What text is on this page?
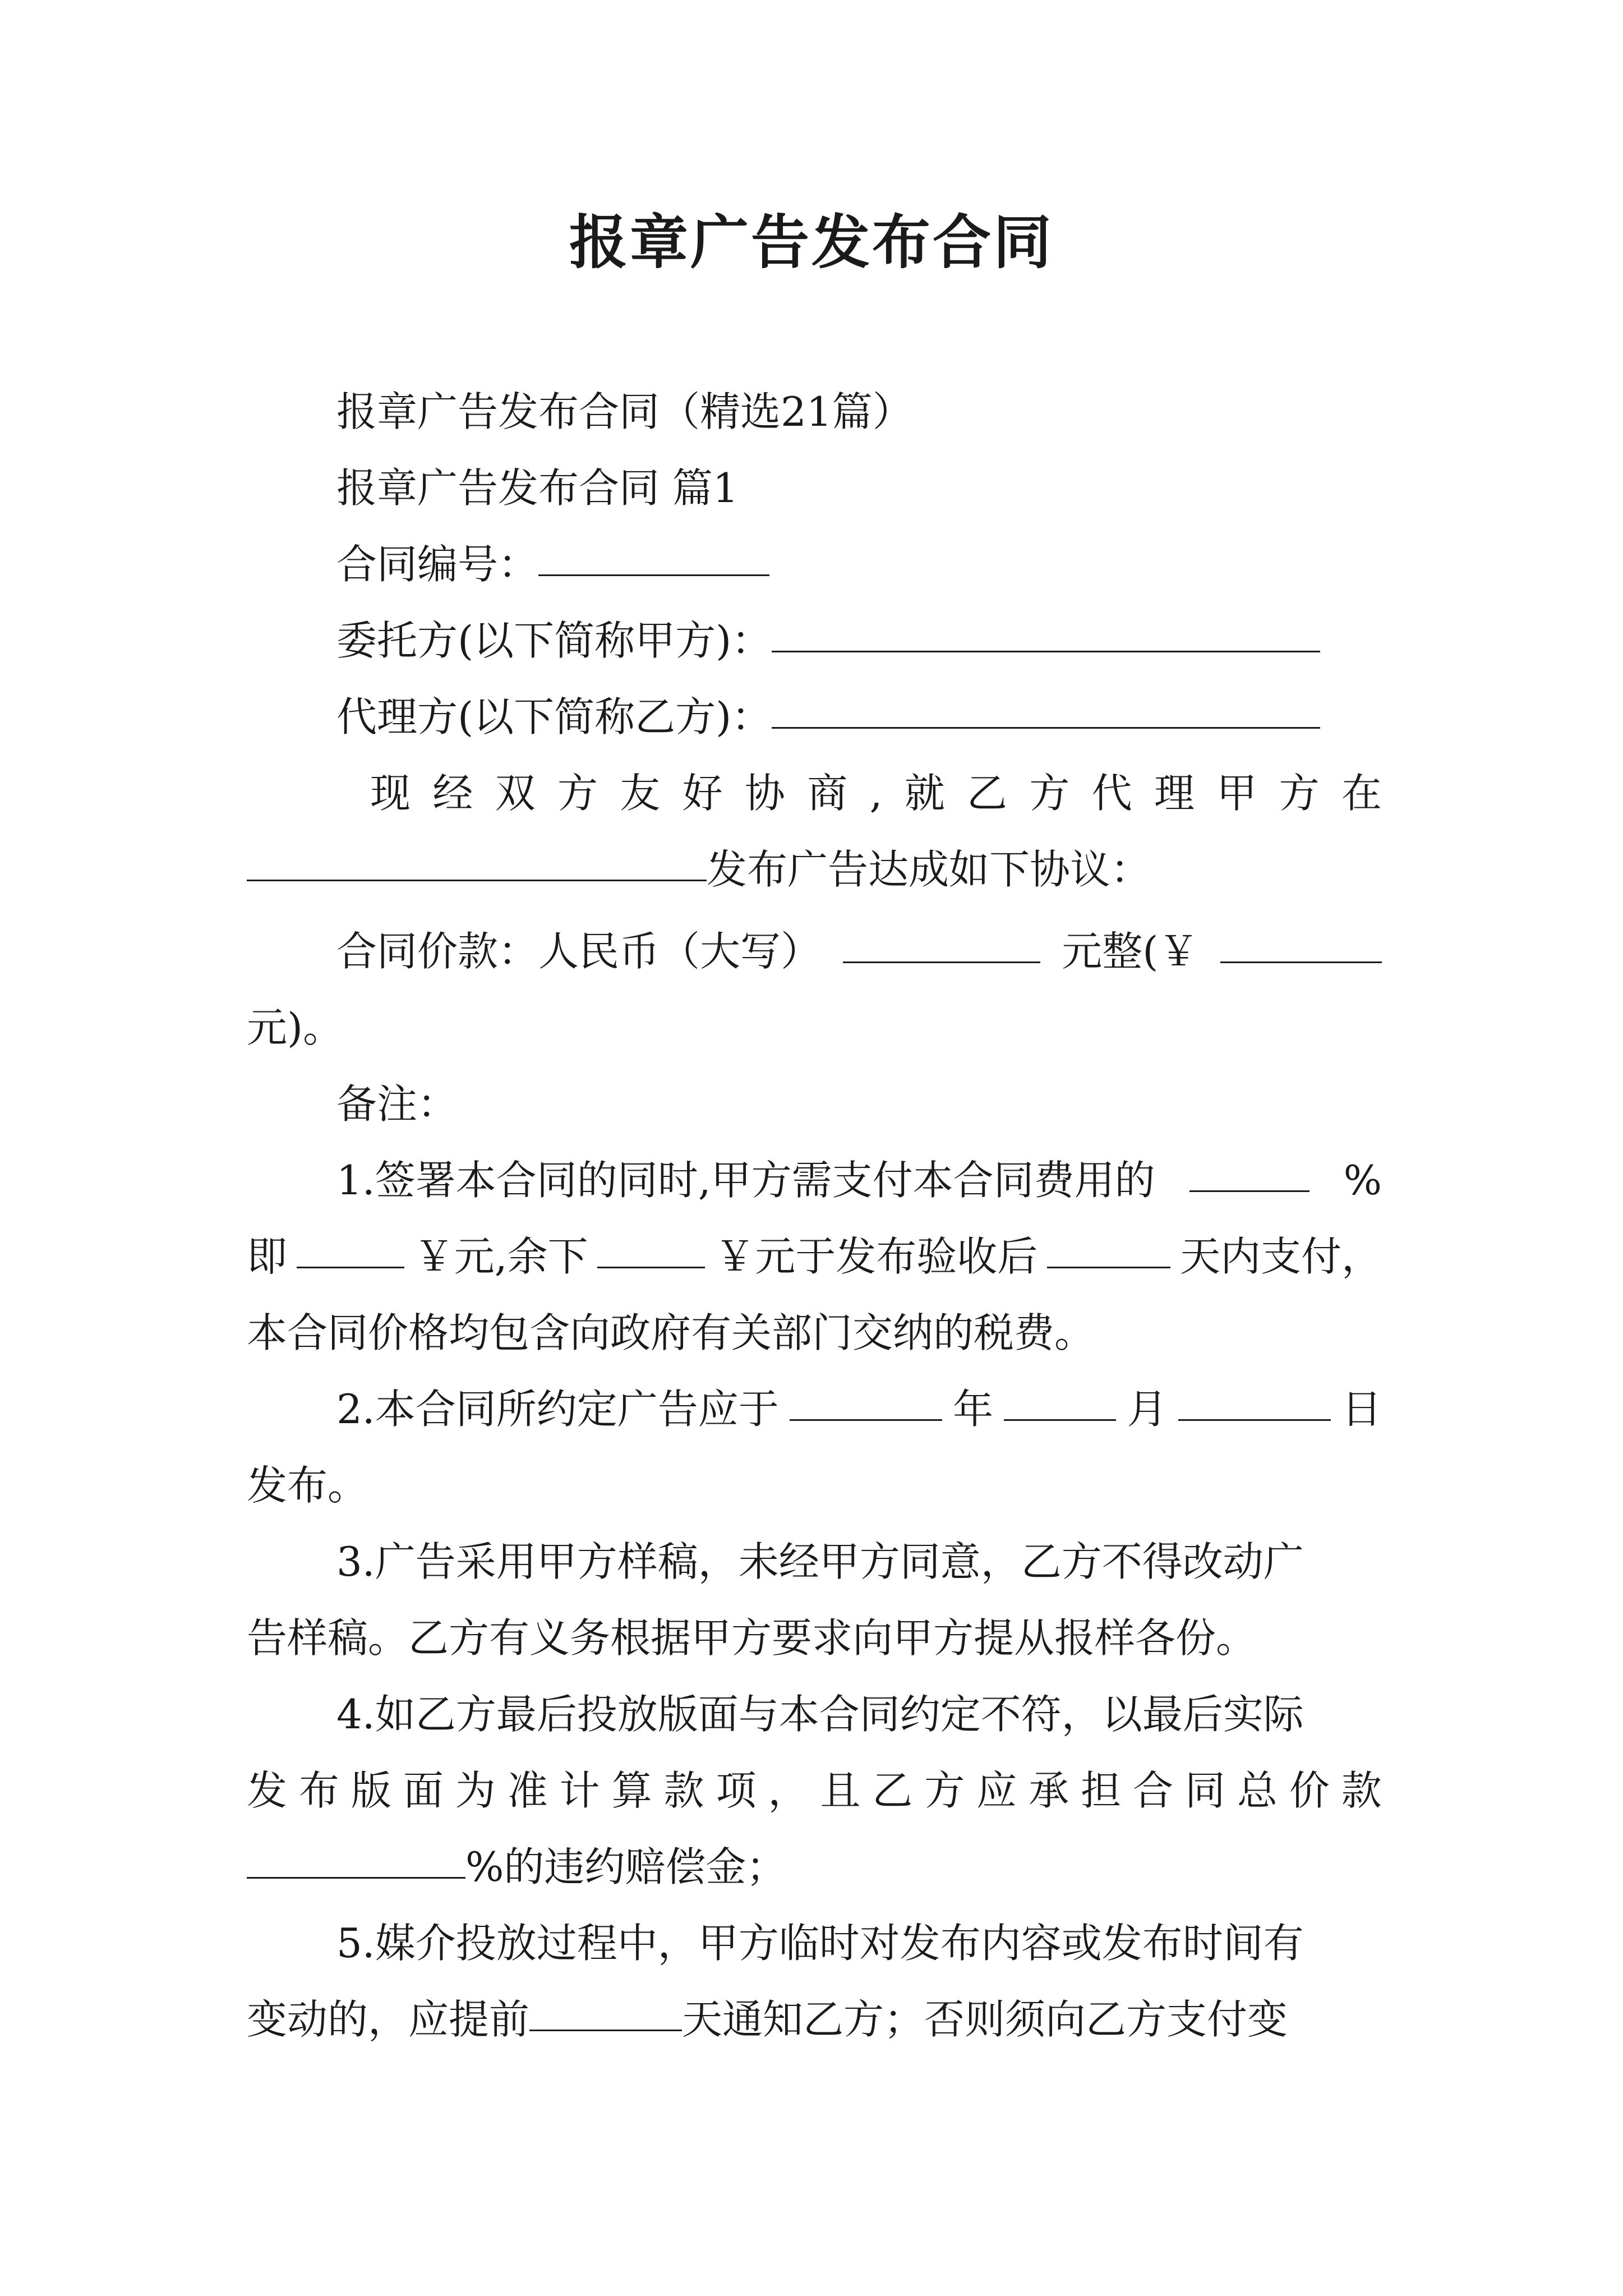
报章广告发布合同
报章广告发布合同（精选21篇）
报章广告发布合同 篇1
合同编号：
委托方(以下简称甲方)：
代理方(以下简称乙方)：
现 经 双 方 友 好 协 商 , 就 乙 方 代 理 甲 方 在
发布广告达成如下协议：
合同价款：人民币（大写）	元整(￥
元)。
备注：
1.签署本合同的同时,甲方需支付本合同费用的	%
即	￥元,余下	￥元于发布验收后	天内支付，
本合同价格均包含向政府有关部门交纳的税费。
2.本合同所约定广告应于	年	月	日
发布。
3.广告采用甲方样稿，未经甲方同意，乙方不得改动广
告样稿。乙方有义务根据甲方要求向甲方提从报样各份。
4.如乙方最后投放版面与本合同约定不符，以最后实际
发 布 版 面 为 准 计 算 款 项 ， 且 乙 方 应 承 担 合 同 总 价 款
%的违约赔偿金；
5.媒介投放过程中，甲方临时对发布内容或发布时间有
变动的，应提前	天通知乙方；否则须向乙方支付变
